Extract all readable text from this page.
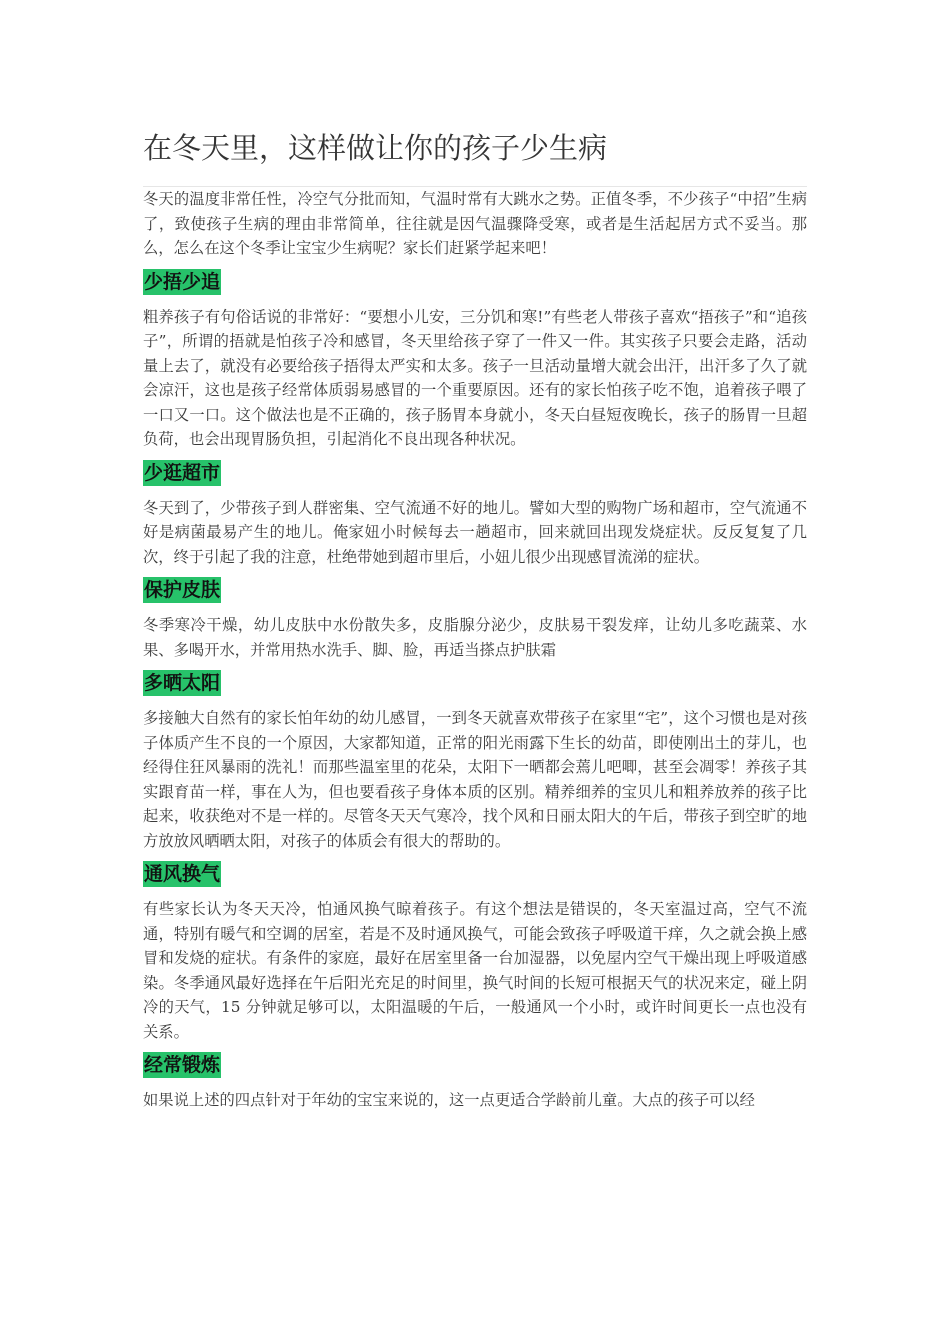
在冬天里，这样做让你的孩子少生病

冬天的温度非常任性，冷空气分批而知，气温时常有大跳水之势。正值冬季，不少孩子“中招”生病了，致使孩子生病的理由非常简单，往往就是因气温骤降受寒，或者是生活起居方式不妥当。那么，怎么在这个冬季让宝宝少生病呢？家长们赶紧学起来吧！

少捂少追

粗养孩子有句俗话说的非常好：“要想小儿安，三分饥和寒!”有些老人带孩子喜欢“捂孩子”和“追孩子”，所谓的捂就是怕孩子冷和感冒，冬天里给孩子穿了一件又一件。其实孩子只要会走路，活动量上去了，就没有必要给孩子捂得太严实和太多。孩子一旦活动量增大就会出汗，出汗多了久了就会凉汗，这也是孩子经常体质弱易感冒的一个重要原因。还有的家长怕孩子吃不饱，追着孩子喂了一口又一口。这个做法也是不正确的，孩子肠胃本身就小，冬天白昼短夜晚长，孩子的肠胃一旦超负荷，也会出现胃肠负担，引起消化不良出现各种状况。

少逛超市

冬天到了，少带孩子到人群密集、空气流通不好的地儿。譬如大型的购物广场和超市，空气流通不好是病菌最易产生的地儿。俺家妞小时候每去一趟超市，回来就回出现发烧症状。反反复复了几次，终于引起了我的注意，杜绝带她到超市里后，小妞儿很少出现感冒流涕的症状。

保护皮肤

冬季寒冷干燥，幼儿皮肤中水份散失多，皮脂腺分泌少，皮肤易干裂发痒，让幼儿多吃蔬菜、水果、多喝开水，并常用热水洗手、脚、脸，再适当搽点护肤霜

多晒太阳

多接触大自然有的家长怕年幼的幼儿感冒，一到冬天就喜欢带孩子在家里“宅”，这个习惯也是对孩子体质产生不良的一个原因，大家都知道，正常的阳光雨露下生长的幼苗，即使刚出土的芽儿，也经得住狂风暴雨的洗礼！而那些温室里的花朵，太阳下一晒都会蔫儿吧唧，甚至会凋零！养孩子其实跟育苗一样，事在人为，但也要看孩子身体本质的区别。精养细养的宝贝儿和粗养放养的孩子比起来，收获绝对不是一样的。尽管冬天天气寒冷，找个风和日丽太阳大的午后，带孩子到空旷的地方放放风晒晒太阳，对孩子的体质会有很大的帮助的。

通风换气

有些家长认为冬天天冷，怕通风换气晾着孩子。有这个想法是错误的，冬天室温过高，空气不流通，特别有暖气和空调的居室，若是不及时通风换气，可能会致孩子呼吸道干痒，久之就会换上感冒和发烧的症状。有条件的家庭，最好在居室里备一台加湿器，以免屋内空气干燥出现上呼吸道感染。冬季通风最好选择在午后阳光充足的时间里，换气时间的长短可根据天气的状况来定，碰上阴冷的天气，15 分钟就足够可以，太阳温暖的午后，一般通风一个小时，或许时间更长一点也没有关系。

经常锻炼

如果说上述的四点针对于年幼的宝宝来说的，这一点更适合学龄前儿童。大点的孩子可以经
